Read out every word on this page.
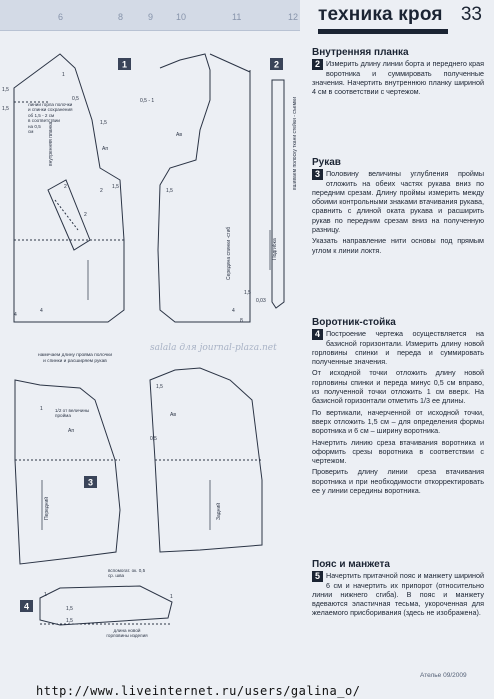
6	8	9	10	11	12 техника кроя 33
1	2
3
4
1,5
1
1,5
0,5
2
2
2
4
4
1,5
0,5 - 1
1,5
Ав
Ап
1,5
4
1,5
8
внутренняя планка
Середина спинки -сгиб
линии горла полочки
и спинки сохранения
об 1,5 - 2 см
в соответствии
на 0,5
см
0,03
вшиваем полоску ткани стейки - съемки
Подгибка
намечаем длину пройма полочки
и спинки и расширяем рукав
1/2 от величины
пройма
1
Ап
1,5
0,5
Ав
Передний	Задний
вспомогат. ок. 0,5
ср. шва
длина новой
горловины изделия
1
1,5
1,5
1
salala для journal-plaza.net
Внутренняя планка
2 Измерить длину линии борта и переднего края воротника и суммировать полученные значения. Начертить внутреннюю планку шириной 4 см в соответствии с чертежом.
Рукав
3 Половину величины углубления проймы отложить на обеих частях рукава вниз по передним срезам. Длину проймы измерить между обоими контрольными знаками втачивания рукава, сравнить с длиной оката рукава и расширить рукав по передним срезам вниз на полученную разницу.
Указать направление нити основы под прямым углом к линии локтя.
Воротник-стойка
4 Построение чертежа осуществляется на базисной горизонтали. Измерить длину новой горловины спинки и переда и суммировать полученные значения.
От исходной точки отложить длину новой горловины спинки и переда минус 0,5 см вправо, из полученной точки отложить 1 см вверх. На базисной горизонтали отметить 1/3 ее длины.
По вертикали, начерченной от исходной точки, вверх отложить 1,5 см – для определения формы воротника и 6 см – ширину воротника.
Начертить линию среза втачивания воротника и оформить срезы воротника в соответствии с чертежом.
Проверить длину линии среза втачивания воротника и при необходимости откорректировать ее у линии середины воротника.
Пояс и манжета
5 Начертить притачной пояс и манжету шириной 6 см и начертить их припорот (относительно линии нижнего сгиба). В пояс и манжету вдеваются эластичная тесьма, укороченная для желаемого присборивания (здесь не изображена).
Ателье 09/2009
http://www.liveinternet.ru/users/galina_o/
